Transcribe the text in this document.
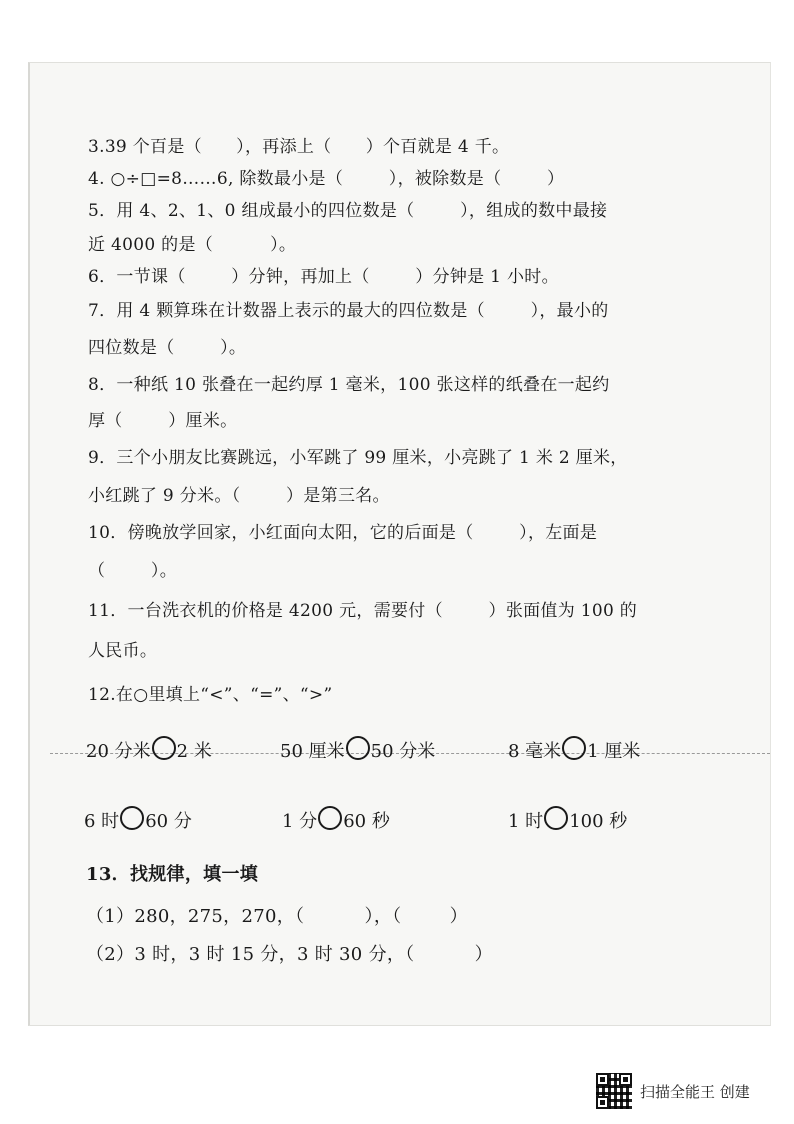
3.39 个百是（      ），再添上（      ）个百就是 4 千。
4. ○÷□=8……6, 除数最小是（        ），被除数是（        ）
5．用 4、2、1、0 组成最小的四位数是（        ），组成的数中最接
近 4000 的是（          ）。
6．一节课（        ）分钟，再加上（        ）分钟是 1 小时。
7．用 4 颗算珠在计数器上表示的最大的四位数是（        ），最小的
四位数是（        ）。
8．一种纸 10 张叠在一起约厚 1 毫米，100 张这样的纸叠在一起约
厚（        ）厘米。
9．三个小朋友比赛跳远，小军跳了 99 厘米，小亮跳了 1 米 2 厘米，
小红跳了 9 分米。（        ）是第三名。
10．傍晚放学回家，小红面向太阳，它的后面是（        ），左面是
（        ）。
11．一台洗衣机的价格是 4200 元，需要付（        ）张面值为 100 的
人民币。
12.在○里填上“<”、“=”、“>”
20 分米 2 米	50 厘米 50 分米	8 毫米 1 厘米
6 时 60 分	1 分 60 秒	1 时 100 秒
13．找规律，填一填
（1）280，275，270，（          ），（        ）
（2）3 时，3 时 15 分，3 时 30 分，（          ）
扫描全能王 创建
